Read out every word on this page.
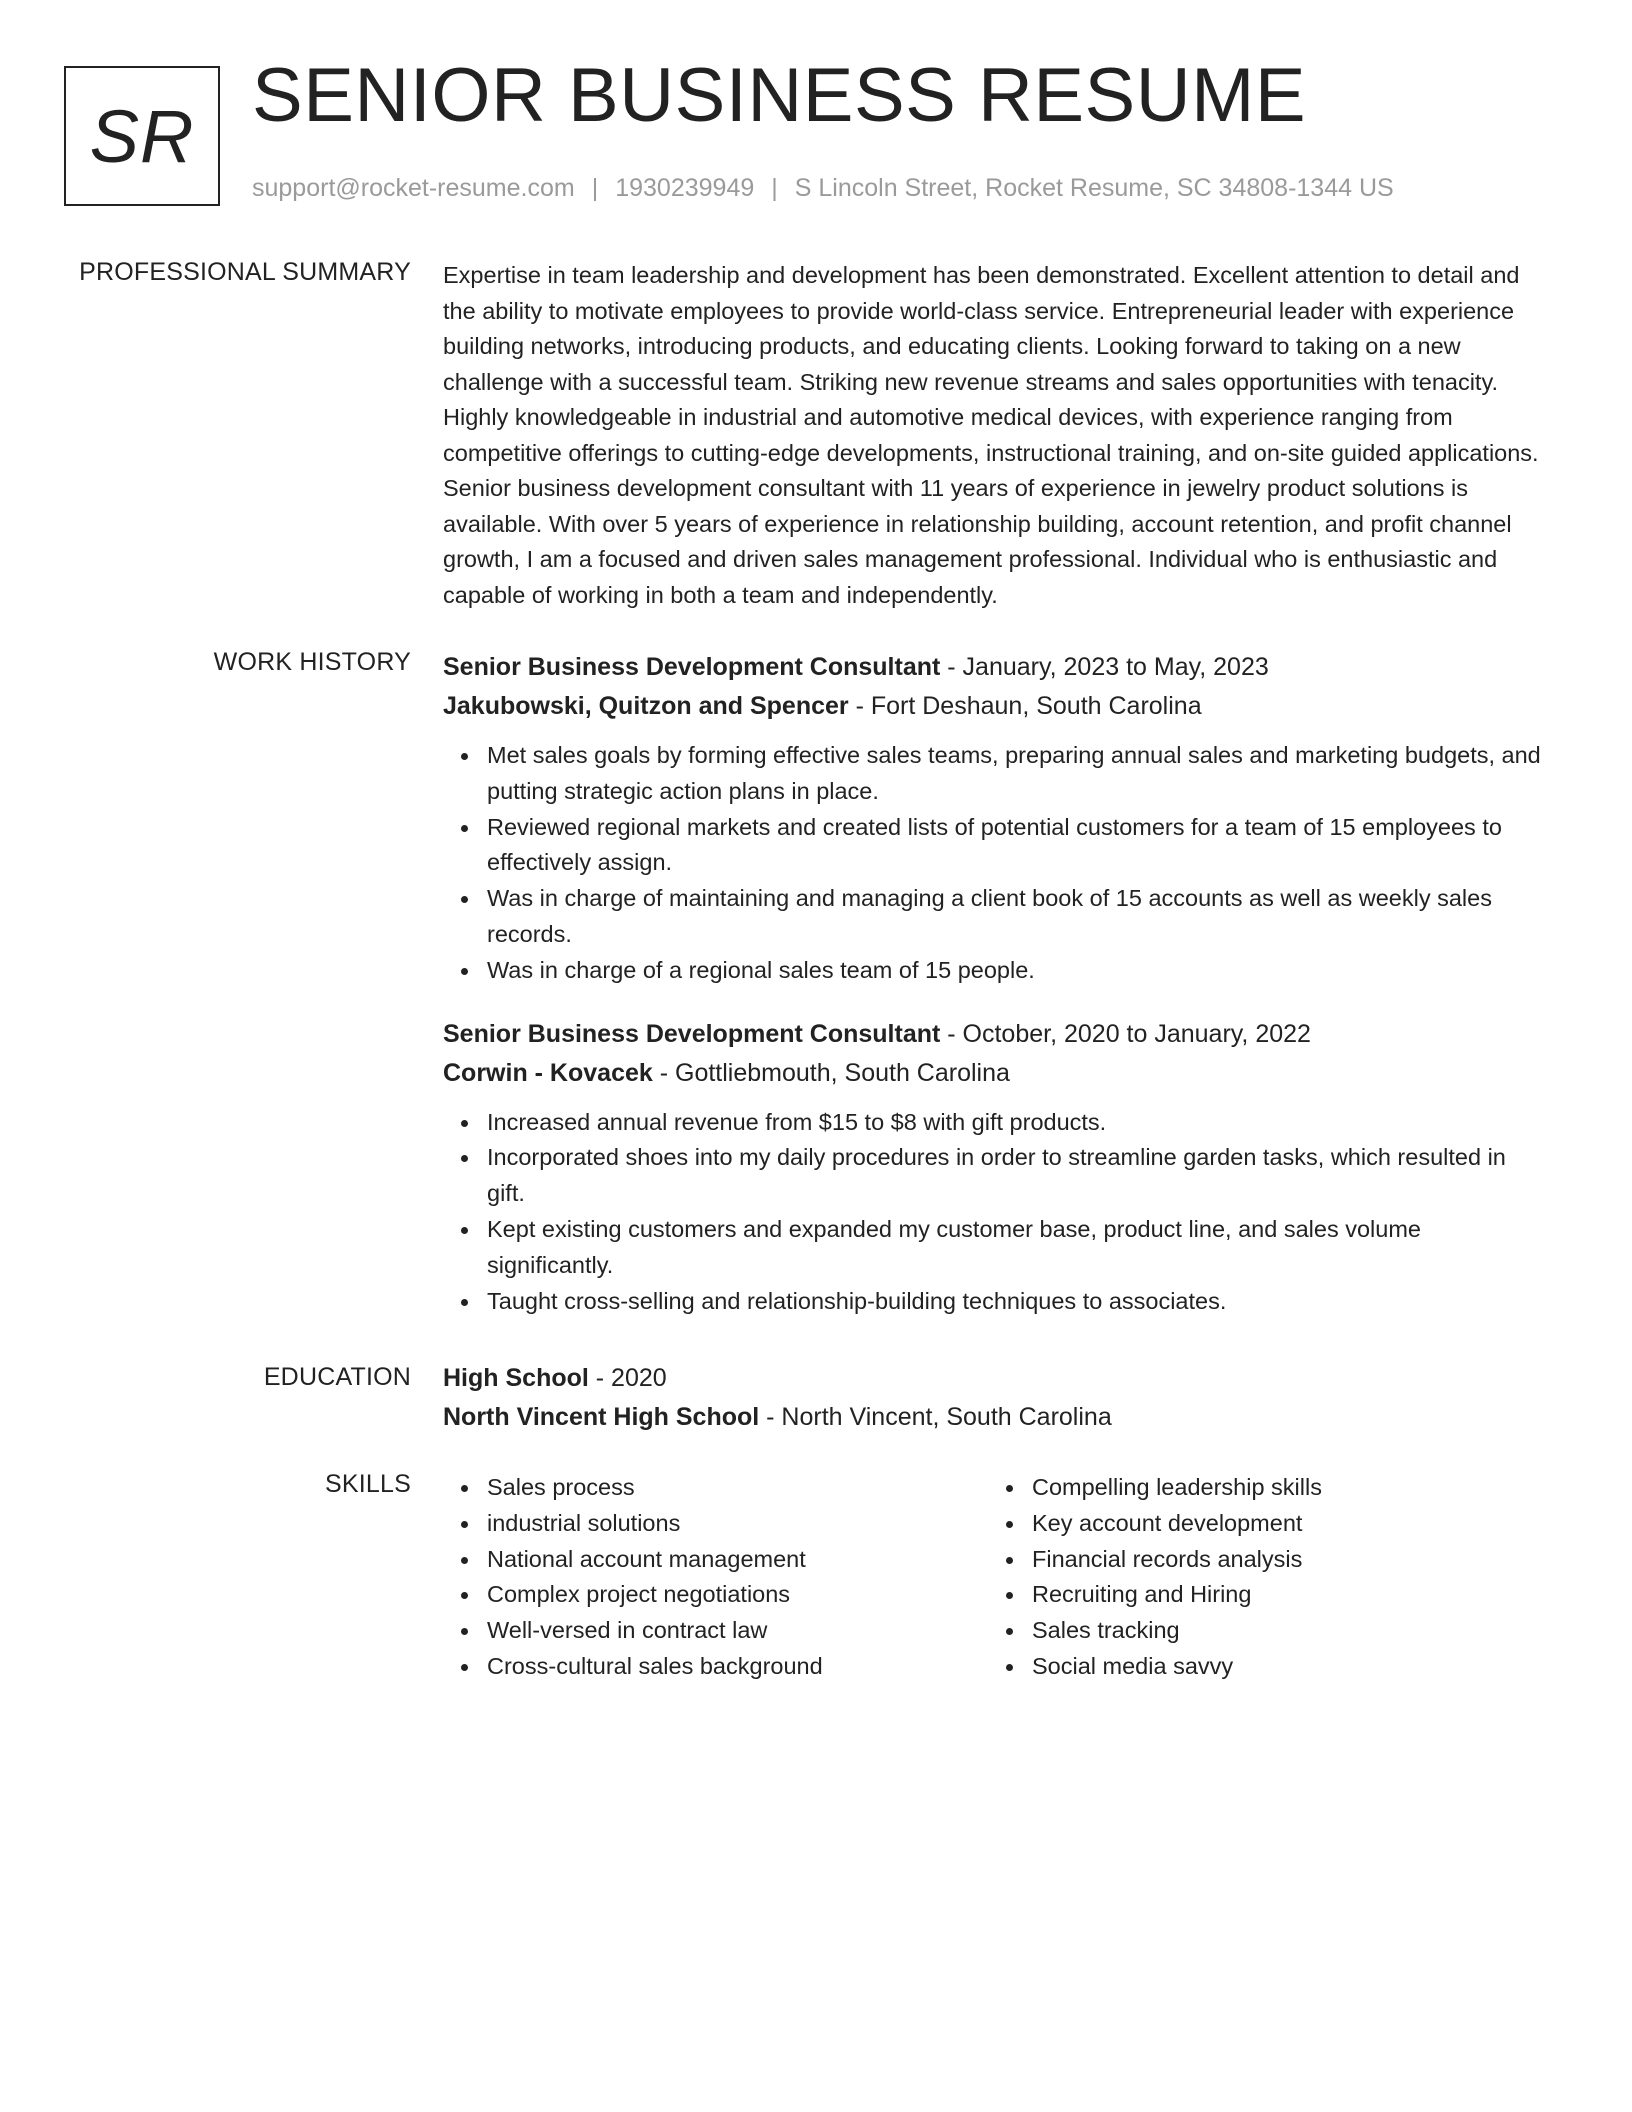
SR SENIOR BUSINESS RESUME
support@rocket-resume.com | 1930239949 | S Lincoln Street, Rocket Resume, SC 34808-1344 US
PROFESSIONAL SUMMARY Expertise in team leadership and development has been demonstrated. Excellent attention to detail and the ability to motivate employees to provide world-class service. Entrepreneurial leader with experience building networks, introducing products, and educating clients. Looking forward to taking on a new challenge with a successful team. Striking new revenue streams and sales opportunities with tenacity. Highly knowledgeable in industrial and automotive medical devices, with experience ranging from competitive offerings to cutting-edge developments, instructional training, and on-site guided applications. Senior business development consultant with 11 years of experience in jewelry product solutions is available. With over 5 years of experience in relationship building, account retention, and profit channel growth, I am a focused and driven sales management professional. Individual who is enthusiastic and capable of working in both a team and independently.

WORK HISTORY Senior Business Development Consultant - January, 2023 to May, 2023
Jakubowski, Quitzon and Spencer - Fort Deshaun, South Carolina
Met sales goals by forming effective sales teams, preparing annual sales and marketing budgets, and putting strategic action plans in place.
Reviewed regional markets and created lists of potential customers for a team of 15 employees to effectively assign.
Was in charge of maintaining and managing a client book of 15 accounts as well as weekly sales records.
Was in charge of a regional sales team of 15 people.
Senior Business Development Consultant - October, 2020 to January, 2022
Corwin - Kovacek - Gottliebmouth, South Carolina
Increased annual revenue from $15 to $8 with gift products.
Incorporated shoes into my daily procedures in order to streamline garden tasks, which resulted in gift.
Kept existing customers and expanded my customer base, product line, and sales volume significantly.
Taught cross-selling and relationship-building techniques to associates.
EDUCATION High School - 2020
North Vincent High School - North Vincent, South Carolina
SKILLS	Sales process
industrial solutions
National account management
Complex project negotiations
Well-versed in contract law
Cross-cultural sales background
Compelling leadership skills
Key account development
Financial records analysis
Recruiting and Hiring
Sales tracking
Social media savvy
